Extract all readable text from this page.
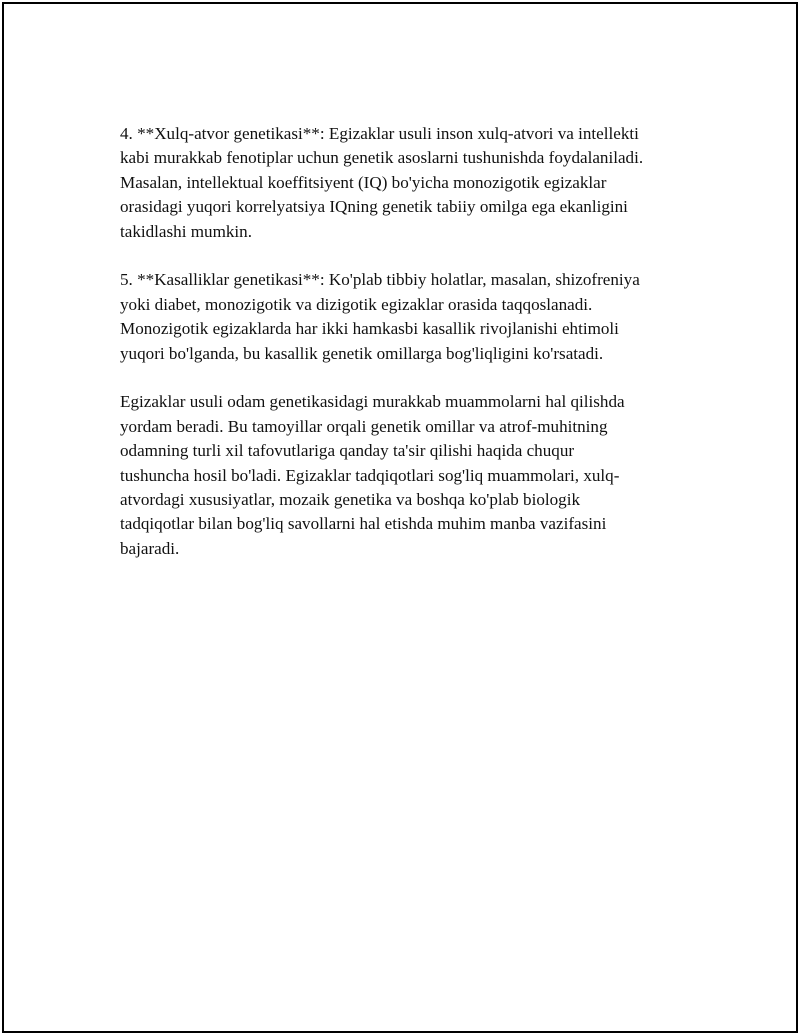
4. **Xulq-atvor genetikasi**: Egizaklar usuli inson xulq-atvori va intellekti
kabi murakkab fenotiplar uchun genetik asoslarni tushunishda foydalaniladi.
Masalan, intellektual koeffitsiyent (IQ) bo'yicha monozigotik egizaklar
orasidagi yuqori korrelyatsiya IQning genetik tabiiy omilga ega ekanligini
takidlashi mumkin.

5. **Kasalliklar genetikasi**: Ko'plab tibbiy holatlar, masalan, shizofreniya
yoki diabet, monozigotik va dizigotik egizaklar orasida taqqoslanadi.
Monozigotik egizaklarda har ikki hamkasbi kasallik rivojlanishi ehtimoli
yuqori bo'lganda, bu kasallik genetik omillarga bog'liqligini ko'rsatadi.

Egizaklar usuli odam genetikasidagi murakkab muammolarni hal qilishda
yordam beradi. Bu tamoyillar orqali genetik omillar va atrof-muhitning
odamning turli xil tafovutlariga qanday ta'sir qilishi haqida chuqur
tushuncha hosil bo'ladi. Egizaklar tadqiqotlari sog'liq muammolari, xulq-
atvordagi xususiyatlar, mozaik genetika va boshqa ko'plab biologik
tadqiqotlar bilan bog'liq savollarni hal etishda muhim manba vazifasini
bajaradi.
